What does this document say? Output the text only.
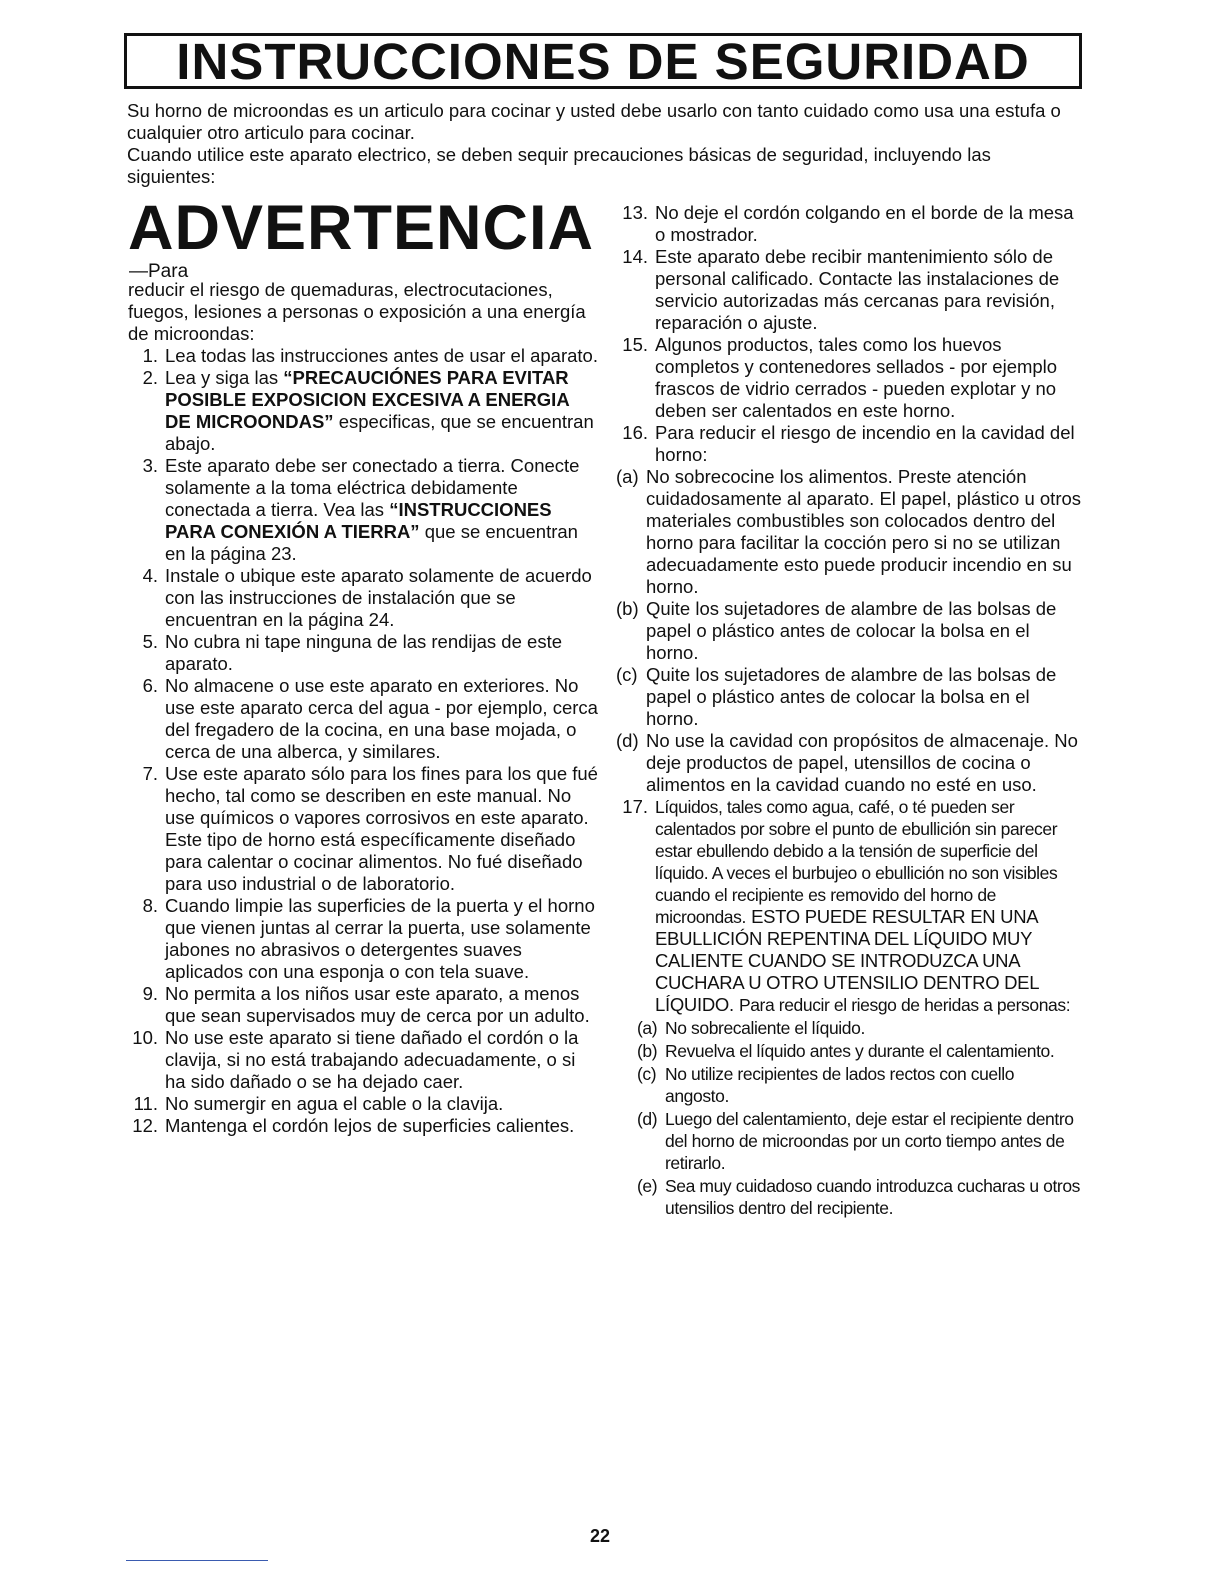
INSTRUCCIONES DE SEGURIDAD

Su horno de microondas es un articulo para cocinar y usted debe usarlo con tanto cuidado como usa una estufa o cualquier otro articulo para cocinar.

Cuando utilice este aparato electrico, se deben sequir precauciones básicas de seguridad, incluyendo las siguientes:

ADVERTENCIA—Para
reducir el riesgo de quemaduras, electrocutaciones, fuegos, lesiones a personas o exposición a una energía de microondas:
1. Lea todas las instrucciones antes de usar el aparato.
2. Lea y siga las “PRECAUCIÓNES PARA EVITAR POSIBLE EXPOSICION EXCESIVA A ENERGIA DE MICROONDAS” especificas, que se encuentran abajo.
3. Este aparato debe ser conectado a tierra. Conecte solamente a la toma eléctrica debidamente conectada a tierra. Vea las “INSTRUCCIONES PARA CONEXIÓN A TIERRA” que se encuentran en la página 23.
4. Instale o ubique este aparato solamente de acuerdo con las instrucciones de instalación que se encuentran en la página 24.
5. No cubra ni tape ninguna de las rendijas de este aparato.
6. No almacene o use este aparato en exteriores. No use este aparato cerca del agua - por ejemplo, cerca del fregadero de la cocina, en una base mojada, o cerca de una alberca, y similares.
7. Use este aparato sólo para los fines para los que fué hecho, tal como se describen en este manual. No use químicos o vapores corrosivos en este aparato. Este tipo de horno está específicamente diseñado para calentar o cocinar alimentos. No fué diseñado para uso industrial o de laboratorio.
8. Cuando limpie las superficies de la puerta y el horno que vienen juntas al cerrar la puerta, use solamente jabones no abrasivos o detergentes suaves aplicados con una esponja o con tela suave.
9. No permita a los niños usar este aparato, a menos que sean supervisados muy de cerca por un adulto.
10. No use este aparato si tiene dañado el cordón o la clavija, si no está trabajando adecuadamente, o si ha sido dañado o se ha dejado caer.
11. No sumergir en agua el cable o la clavija.
12. Mantenga el cordón lejos de superficies calientes.
13. No deje el cordón colgando en el borde de la mesa o mostrador.
14. Este aparato debe recibir mantenimiento sólo de personal calificado. Contacte las instalaciones de servicio autorizadas más cercanas para revisión, reparación o ajuste.
15. Algunos productos, tales como los huevos completos y contenedores sellados - por ejemplo frascos de vidrio cerrados - pueden explotar y no deben ser calentados en este horno.
16. Para reducir el riesgo de incendio en la cavidad del horno:
(a) No sobrecocine los alimentos. Preste atención cuidadosamente al aparato. El papel, plástico u otros materiales combustibles son colocados dentro del horno para facilitar la cocción pero si no se utilizan adecuadamente esto puede producir incendio en su horno.
(b) Quite los sujetadores de alambre de las bolsas de papel o plástico antes de colocar la bolsa en el horno.
(c) Quite los sujetadores de alambre de las bolsas de papel o plástico antes de colocar la bolsa en el horno.
(d) No use la cavidad con propósitos de almacenaje. No deje productos de papel, utensillos de cocina o alimentos en la cavidad cuando no esté en uso.
17. Líquidos, tales como agua, café, o té pueden ser calentados por sobre el punto de ebullición sin parecer estar ebullendo debido a la tensión de superficie del líquido. A veces el burbujeo o ebullición no son visibles cuando el recipiente es removido del horno de microondas. ESTO PUEDE RESULTAR EN UNA EBULLICIÓN REPENTINA DEL LÍQUIDO MUY CALIENTE CUANDO SE INTRODUZCA UNA CUCHARA U OTRO UTENSILIO DENTRO DEL LÍQUIDO. Para reducir el riesgo de heridas a personas:
(a) No sobrecaliente el líquido.
(b) Revuelva el líquido antes y durante el calentamiento.
(c) No utilize recipientes de lados rectos con cuello angosto.
(d) Luego del calentamiento, deje estar el recipiente dentro del horno de microondas por un corto tiempo antes de retirarlo.
(e) Sea muy cuidadoso cuando introduzca cucharas u otros utensilios dentro del recipiente.
22
